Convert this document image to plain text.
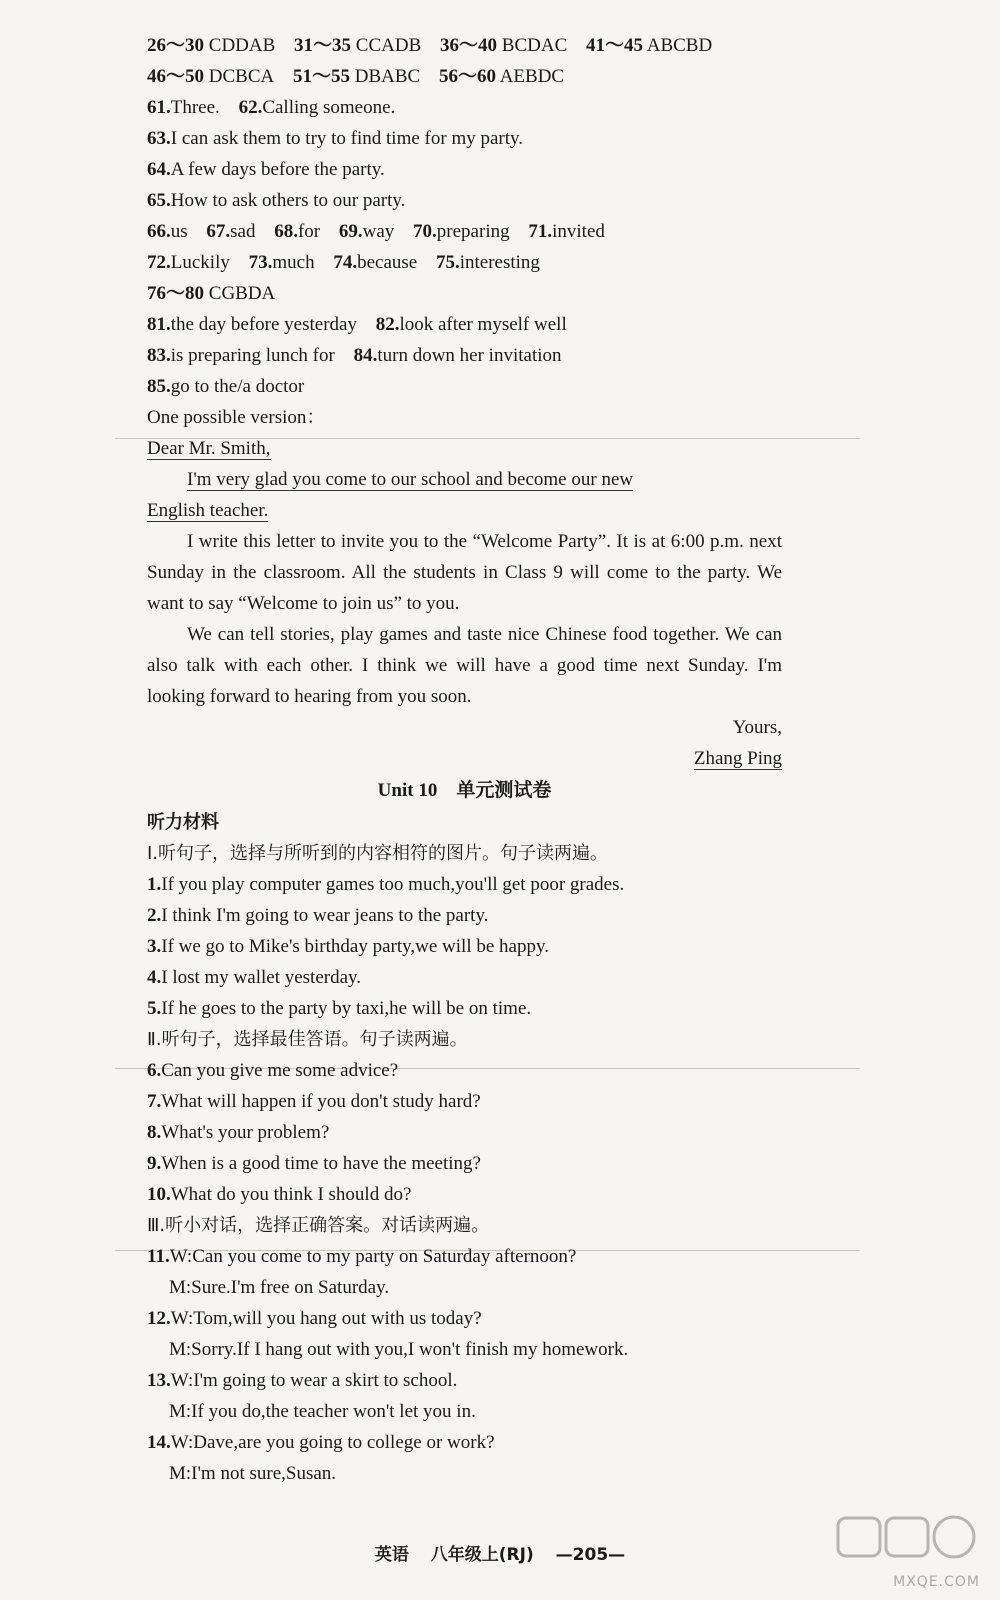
26～30 CDDAB 31～35 CCADB 36～40 BCDAC 41～45 ABCBD
46～50 DCBCA 51～55 DBABC 56～60 AEBDC
61.Three. 62.Calling someone.
63.I can ask them to try to find time for my party.
64.A few days before the party.
65.How to ask others to our party.
66.us 67.sad 68.for 69.way 70.preparing 71.invited
72.Luckily 73.much 74.because 75.interesting
76～80 CGBDA
81.the day before yesterday 82.look after myself well
83.is preparing lunch for 84.turn down her invitation
85.go to the/a doctor
One possible version：
Dear Mr. Smith,
I'm very glad you come to our school and become our new
English teacher.

I write this letter to invite you to the “Welcome Party”. It is at 6:00 p.m. next Sunday in the classroom. All the students in Class 9 will come to the party. We want to say “Welcome to join us” to you.

We can tell stories, play games and taste nice Chinese food together. We can also talk with each other. I think we will have a good time next Sunday. I'm looking forward to hearing from you soon.

Yours,
Zhang Ping
Unit 10　单元测试卷
听力材料
Ⅰ.听句子，选择与所听到的内容相符的图片。句子读两遍。
1.If you play computer games too much,you'll get poor grades.
2.I think I'm going to wear jeans to the party.
3.If we go to Mike's birthday party,we will be happy.
4.I lost my wallet yesterday.
5.If he goes to the party by taxi,he will be on time.
Ⅱ.听句子，选择最佳答语。句子读两遍。
6.Can you give me some advice?
7.What will happen if you don't study hard?
8.What's your problem?
9.When is a good time to have the meeting?
10.What do you think I should do?
Ⅲ.听小对话，选择正确答案。对话读两遍。
11.W:Can you come to my party on Saturday afternoon?
M:Sure.I'm free on Saturday.
12.W:Tom,will you hang out with us today?
M:Sorry.If I hang out with you,I won't finish my homework.
13.W:I'm going to wear a skirt to school.
M:If you do,the teacher won't let you in.
14.W:Dave,are you going to college or work?
M:I'm not sure,Susan.
英语 八年级上(RJ) —205—
MXQE.COM
